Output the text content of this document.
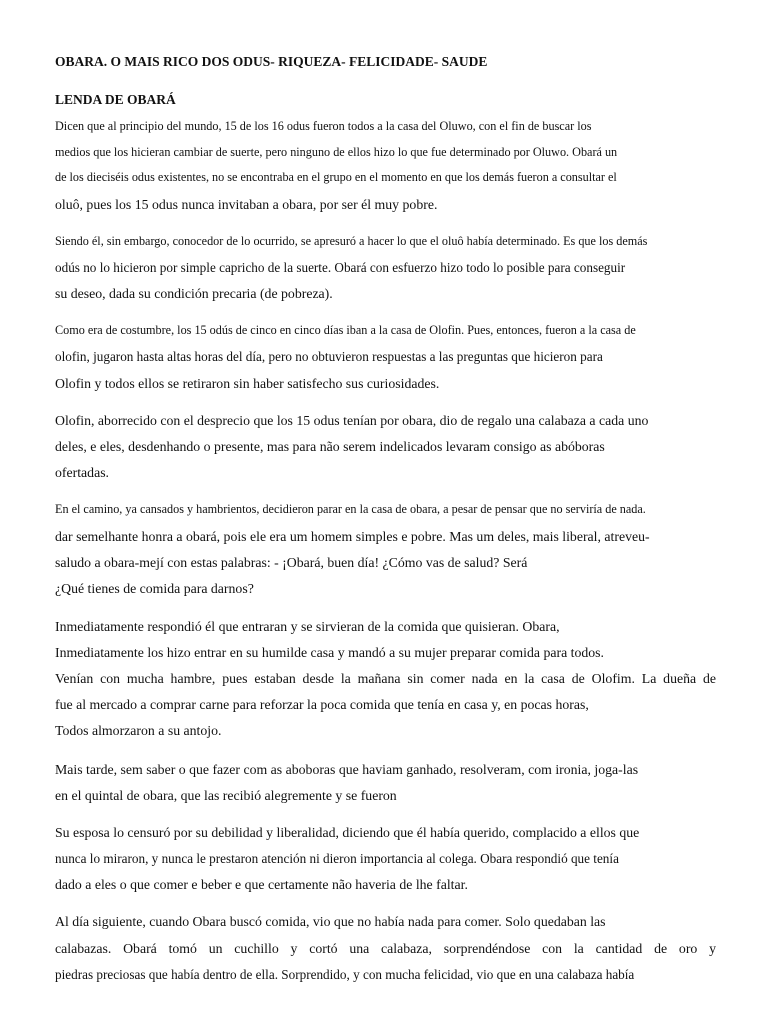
OBARA. O MAIS RICO DOS ODUS- RIQUEZA- FELICIDADE- SAUDE
LENDA DE OBARÁ
Dicen que al principio del mundo, 15 de los 16 odus fueron todos a la casa del Oluwo, con el fin de buscar los
medios que los hicieran cambiar de suerte, pero ninguno de ellos hizo lo que fue determinado por Oluwo. Obará un
de los dieciséis odus existentes, no se encontraba en el grupo en el momento en que los demás fueron a consultar el
oluô, pues los 15 odus nunca invitaban a obara, por ser él muy pobre.
Siendo él, sin embargo, conocedor de lo ocurrido, se apresuró a hacer lo que el oluô había determinado. Es que los demás
odús no lo hicieron por simple capricho de la suerte. Obará con esfuerzo hizo todo lo posible para conseguir
su deseo, dada su condición precaria (de pobreza).
Como era de costumbre, los 15 odús de cinco en cinco días iban a la casa de Olofin. Pues, entonces, fueron a la casa de
olofin, jugaron hasta altas horas del día, pero no obtuvieron respuestas a las preguntas que hicieron para
Olofin y todos ellos se retiraron sin haber satisfecho sus curiosidades.
Olofin, aborrecido con el desprecio que los 15 odus tenían por obara, dio de regalo una calabaza a cada uno
deles, e eles, desdenhando o presente, mas para não serem indelicados levaram consigo as abóboras
ofertadas.
En el camino, ya cansados y hambrientos, decidieron parar en la casa de obara, a pesar de pensar que no serviría de nada.
dar semelhante honra a obará, pois ele era um homem simples e pobre. Mas um deles, mais liberal, atreveu-
saludo a obara-mejí con estas palabras: - ¡Obará, buen día! ¿Cómo vas de salud? Será
¿Qué tienes de comida para darnos?
Inmediatamente respondió él que entraran y se sirvieran de la comida que quisieran. Obara,
Inmediatamente los hizo entrar en su humilde casa y mandó a su mujer preparar comida para todos.
Venían con mucha hambre, pues estaban desde la mañana sin comer nada en la casa de Olofim. La dueña de
fue al mercado a comprar carne para reforzar la poca comida que tenía en casa y, en pocas horas,
Todos almorzaron a su antojo.
Mais tarde, sem saber o que fazer com as aboboras que haviam ganhado, resolveram, com ironia, joga-las
en el quintal de obara, que las recibió alegremente y se fueron
Su esposa lo censuró por su debilidad y liberalidad, diciendo que él había querido, complacido a ellos que
nunca lo miraron, y nunca le prestaron atención ni dieron importancia al colega. Obara respondió que tenía
dado a eles o que comer e beber e que certamente não haveria de lhe faltar.
Al día siguiente, cuando Obara buscó comida, vio que no había nada para comer. Solo quedaban las
calabazas. Obará tomó un cuchillo y cortó una calabaza, sorprendéndose con la cantidad de oro y
piedras preciosas que había dentro de ella. Sorprendido, y con mucha felicidad, vio que en una calabaza había
